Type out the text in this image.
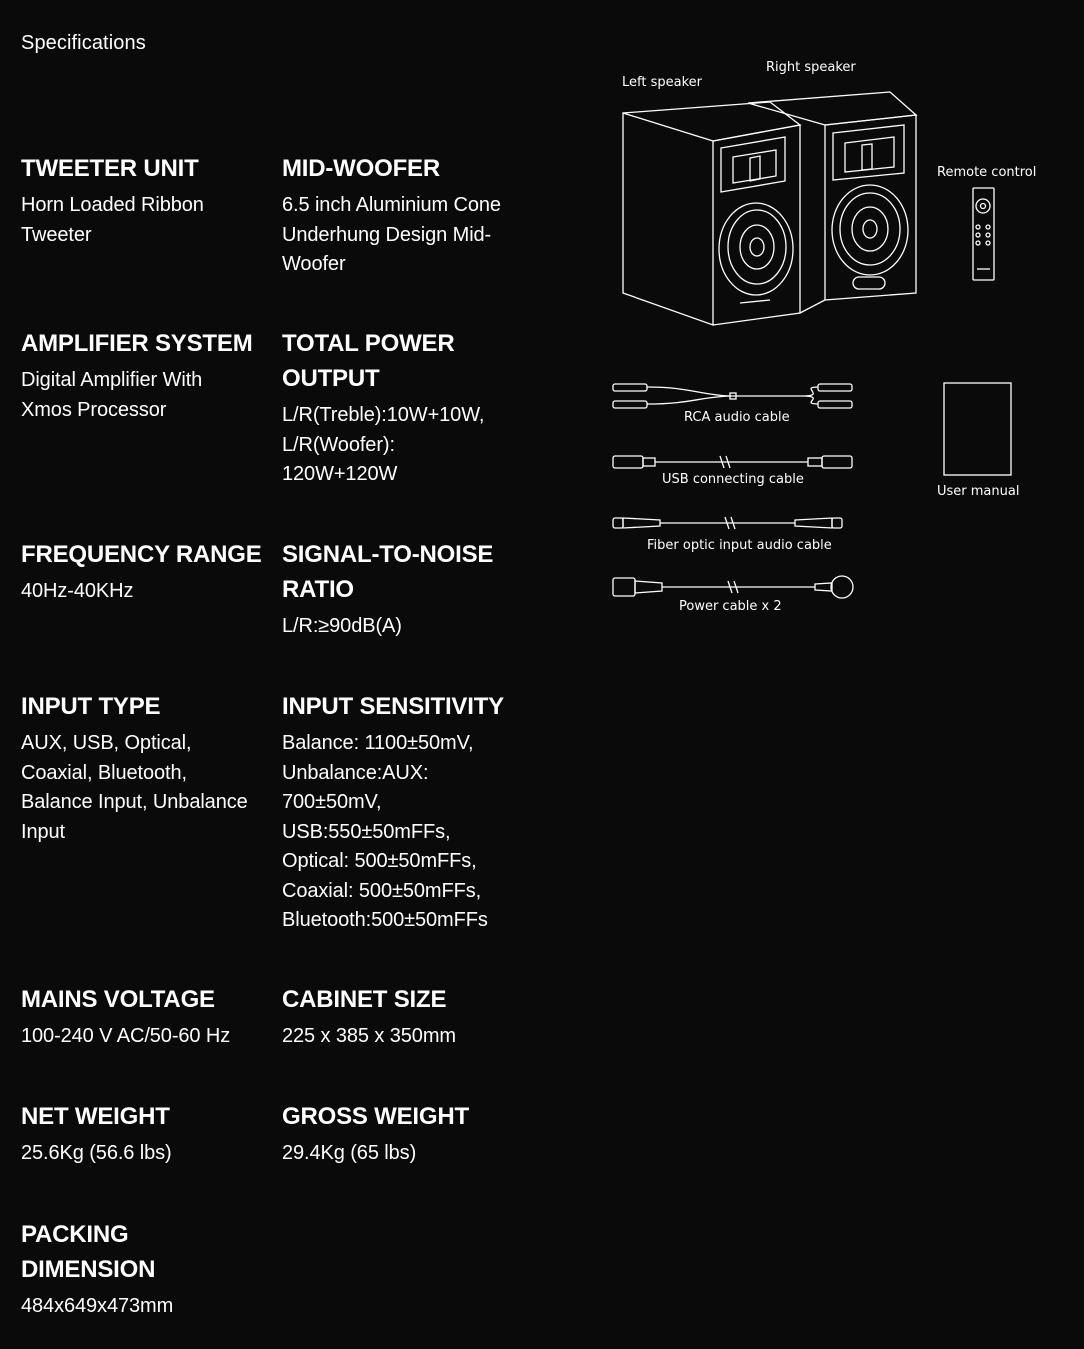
Specifications
TWEETER UNIT
Horn Loaded Ribbon
Tweeter
MID-WOOFER
6.5 inch Aluminium Cone
Underhung Design Mid-
Woofer
AMPLIFIER SYSTEM
Digital Amplifier With
Xmos Processor
TOTAL POWER
OUTPUT
L/R(Treble):10W+10W,
L/R(Woofer):
120W+120W
FREQUENCY RANGE
40Hz-40KHz
SIGNAL-TO-NOISE
RATIO
L/R:≥90dB(A)
INPUT TYPE
AUX, USB, Optical,
Coaxial, Bluetooth,
Balance Input, Unbalance
Input
INPUT SENSITIVITY
Balance: 1100±50mV,
Unbalance:AUX:
700±50mV,
USB:550±50mFFs,
Optical: 500±50mFFs,
Coaxial: 500±50mFFs,
Bluetooth:500±50mFFs
MAINS VOLTAGE
100-240 V AC/50-60 Hz
CABINET SIZE
225 x 385 x 350mm
NET WEIGHT
25.6Kg (56.6 lbs)
GROSS WEIGHT
29.4Kg (65 lbs)
PACKING
DIMENSION
484x649x473mm
Left speaker
Right speaker
Remote control
RCA audio cable
USB connecting cable
Fiber optic input audio cable
Power cable x 2
User manual
